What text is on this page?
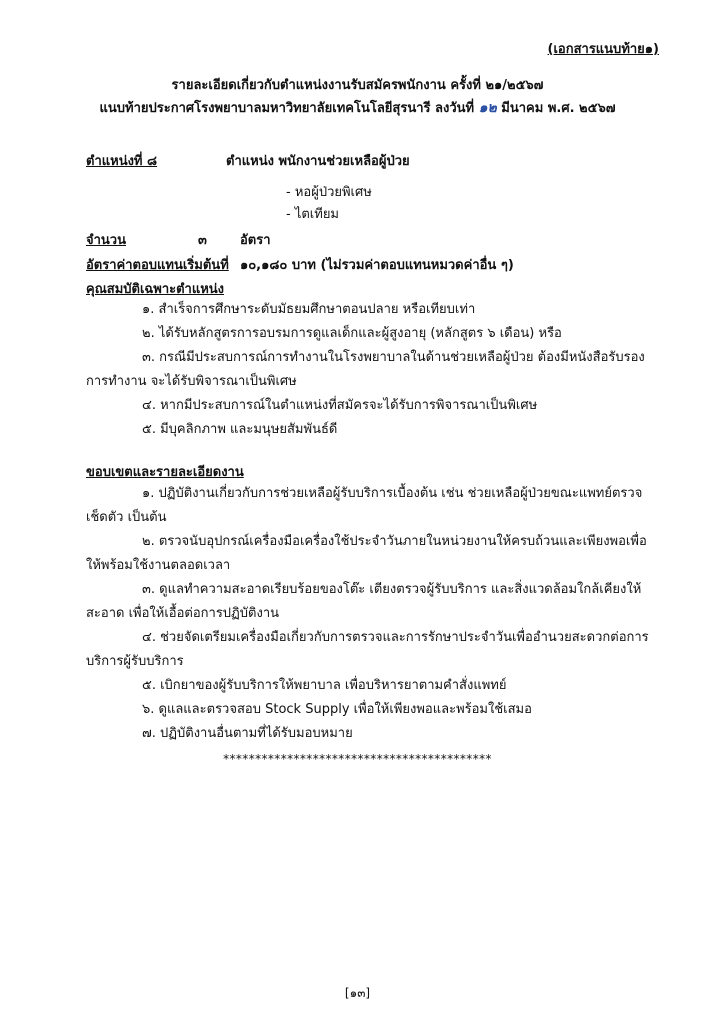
(เอกสารแนบท้าย๑)
รายละเอียดเกี่ยวกับตำแหน่งงานรับสมัครพนักงาน ครั้งที่ ๒๑/๒๕๖๗
แนบท้ายประกาศโรงพยาบาลมหาวิทยาลัยเทคโนโลยีสุรนารี ลงวันที่ ๑๒ มีนาคม พ.ศ. ๒๕๖๗
ตำแหน่งที่ ๘	ตำแหน่ง พนักงานช่วยเหลือผู้ป่วย
- หอผู้ป่วยพิเศษ
- ไตเทียม
จำนวน	๓	อัตรา
อัตราค่าตอบแทนเริ่มต้นที่ ๑๐,๑๘๐ บาท (ไม่รวมค่าตอบแทนหมวดค่าอื่น ๆ)
คุณสมบัติเฉพาะตำแหน่ง
๑. สำเร็จการศึกษาระดับมัธยมศึกษาตอนปลาย หรือเทียบเท่า
๒. ได้รับหลักสูตรการอบรมการดูแลเด็กและผู้สูงอายุ (หลักสูตร ๖ เดือน) หรือ
๓. กรณีมีประสบการณ์การทำงานในโรงพยาบาลในด้านช่วยเหลือผู้ป่วย ต้องมีหนังสือรับรองการทำงาน จะได้รับพิจารณาเป็นพิเศษ
๔. หากมีประสบการณ์ในตำแหน่งที่สมัครจะได้รับการพิจารณาเป็นพิเศษ
๕. มีบุคลิกภาพ และมนุษยสัมพันธ์ดี
ขอบเขตและรายละเอียดงาน
๑. ปฏิบัติงานเกี่ยวกับการช่วยเหลือผู้รับบริการเบื้องต้น เช่น ช่วยเหลือผู้ป่วยขณะแพทย์ตรวจ เช็ดตัว เป็นต้น
๒. ตรวจนับอุปกรณ์เครื่องมือเครื่องใช้ประจำวันภายในหน่วยงานให้ครบถ้วนและเพียงพอเพื่อให้พร้อมใช้งานตลอดเวลา
๓. ดูแลทำความสะอาดเรียบร้อยของโต๊ะ เตียงตรวจผู้รับบริการ และสิ่งแวดล้อมใกล้เคียงให้สะอาด เพื่อให้เอื้อต่อการปฏิบัติงาน
๔. ช่วยจัดเตรียมเครื่องมือเกี่ยวกับการตรวจและการรักษาประจำวันเพื่ออำนวยสะดวกต่อการบริการผู้รับบริการ
๕. เบิกยาของผู้รับบริการให้พยาบาล เพื่อบริหารยาตามคำสั่งแพทย์
๖. ดูแลและตรวจสอบ Stock Supply เพื่อให้เพียงพอและพร้อมใช้เสมอ
๗. ปฏิบัติงานอื่นตามที่ได้รับมอบหมาย
******************************************
[๑๓]
